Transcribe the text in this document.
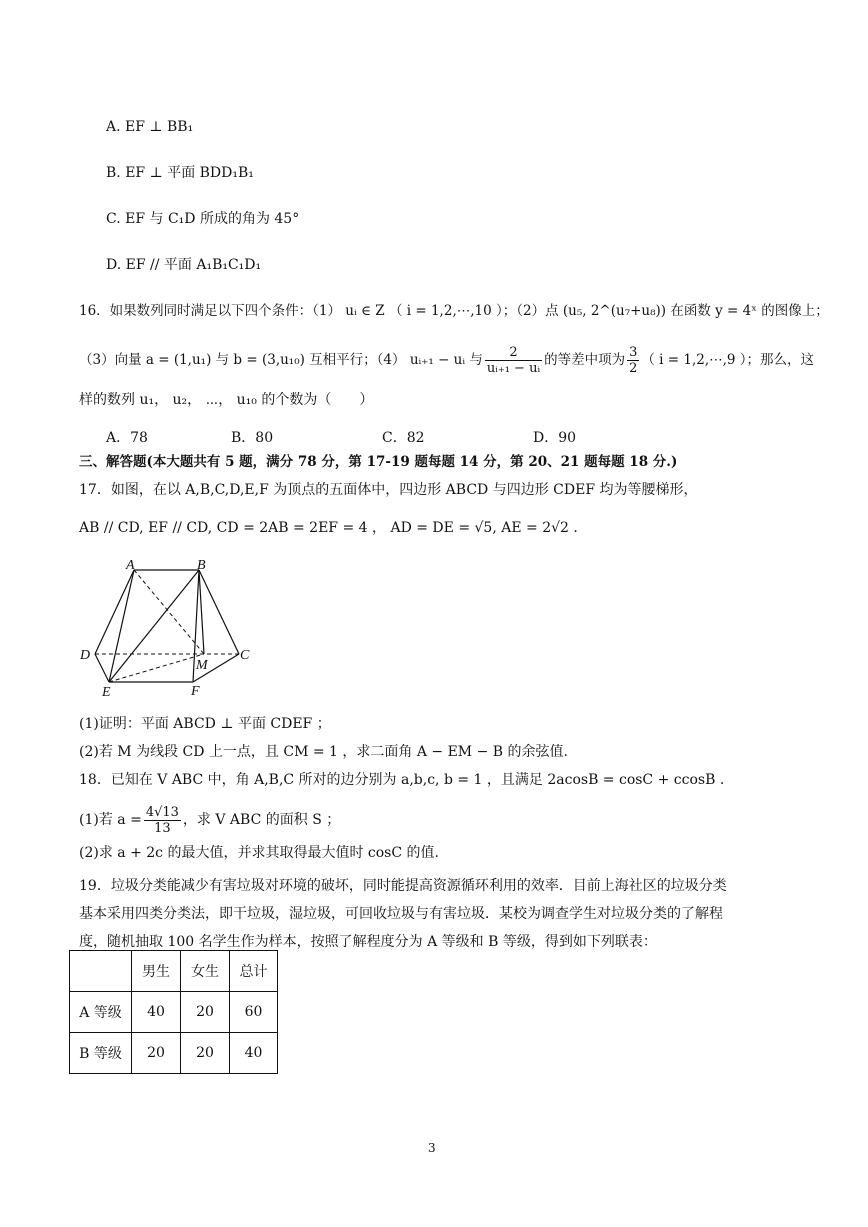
A. EF ⊥ BB₁
B. EF ⊥ 平面 BDD₁B₁
C. EF 与 C₁D 所成的角为 45°
D. EF // 平面 A₁B₁C₁D₁
16．如果数列同时满足以下四个条件：（1） uᵢ ∈ Z （ i = 1,2,⋯,10 ）；（2）点 (u₅, 2^(u₇+u₈)) 在函数 y = 4ˣ 的图像上；
（3）向量 a = (1,u₁) 与 b = (3,u₁₀) 互相平行；（4） uᵢ₊₁ − uᵢ 与 $\frac{2}{\text{uᵢ₊₁ − uᵢ}}$ 的等差中项为 $\frac{3}{2}$ （ i = 1,2,⋯,9 ）；那么，这
样的数列 u₁， u₂， ⋯， u₁₀ 的个数为（　　）
A．78	B．80	C．82	D．90
三、解答题(本大题共有 5 题，满分 78 分，第 17-19 题每题 14 分，第 20、21 题每题 18 分.)
17．如图，在以 A,B,C,D,E,F 为顶点的五面体中，四边形 ABCD 与四边形 CDEF 均为等腰梯形，
AB // CD, EF // CD, CD = 2AB = 2EF = 4 ， AD = DE = √5, AE = 2√2 .
A	B
C
D
E	F
M
(1)证明：平面 ABCD ⊥ 平面 CDEF ；
(2)若 M 为线段 CD 上一点，且 CM = 1 ，求二面角 A − EM − B 的余弦值.
18．已知在 V ABC 中，角 A,B,C 所对的边分别为 a,b,c, b = 1 ，且满足 2acosB = cosC + ccosB .
(1)若 $a = \frac{4√13}{13}$ ，求 V ABC 的面积 S ；
(2)求 a + 2c 的最大值，并求其取得最大值时 cosC 的值.
19．垃圾分类能减少有害垃圾对环境的破坏，同时能提高资源循环利用的效率．目前上海社区的垃圾分类
基本采用四类分类法，即干垃圾，湿垃圾，可回收垃圾与有害垃圾．某校为调查学生对垃圾分类的了解程
度，随机抽取 100 名学生作为样本，按照了解程度分为 A 等级和 B 等级，得到如下列联表：
	男生	女生	总计
A 等级	40	20	60
B 等级	20	20	40
3
